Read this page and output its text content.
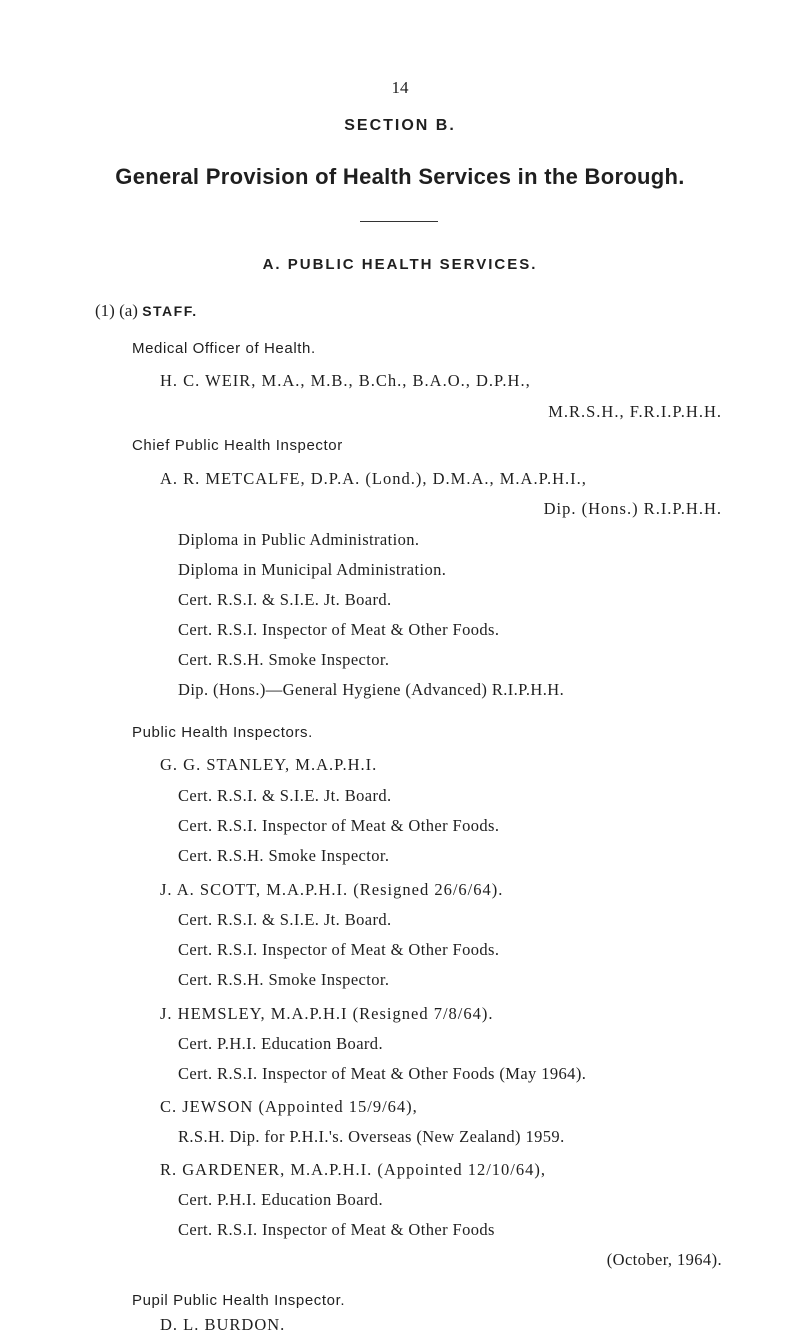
14
SECTION B.
General Provision of Health Services in the Borough.
A. PUBLIC HEALTH SERVICES.
(1) (a) STAFF.
Medical Officer of Health.
H. C. WEIR, M.A., M.B., B.Ch., B.A.O., D.P.H.,
M.R.S.H., F.R.I.P.H.H.
Chief Public Health Inspector
A. R. METCALFE, D.P.A. (Lond.), D.M.A., M.A.P.H.I.,
Dip. (Hons.) R.I.P.H.H.
Diploma in Public Administration.
Diploma in Municipal Administration.
Cert. R.S.I. & S.I.E. Jt. Board.
Cert. R.S.I. Inspector of Meat & Other Foods.
Cert. R.S.H. Smoke Inspector.
Dip. (Hons.)—General Hygiene (Advanced) R.I.P.H.H.
Public Health Inspectors.
G. G. STANLEY, M.A.P.H.I.
Cert. R.S.I. & S.I.E. Jt. Board.
Cert. R.S.I. Inspector of Meat & Other Foods.
Cert. R.S.H. Smoke Inspector.
J. A. SCOTT, M.A.P.H.I. (Resigned 26/6/64).
Cert. R.S.I. & S.I.E. Jt. Board.
Cert. R.S.I. Inspector of Meat & Other Foods.
Cert. R.S.H. Smoke Inspector.
J. HEMSLEY, M.A.P.H.I (Resigned 7/8/64).
Cert. P.H.I. Education Board.
Cert. R.S.I. Inspector of Meat & Other Foods (May 1964).
C. JEWSON (Appointed 15/9/64),
R.S.H. Dip. for P.H.I.'s. Overseas (New Zealand) 1959.
R. GARDENER, M.A.P.H.I. (Appointed 12/10/64),
Cert. P.H.I. Education Board.
Cert. R.S.I. Inspector of Meat & Other Foods
(October, 1964).
Pupil Public Health Inspector.
D. L. BURDON.
